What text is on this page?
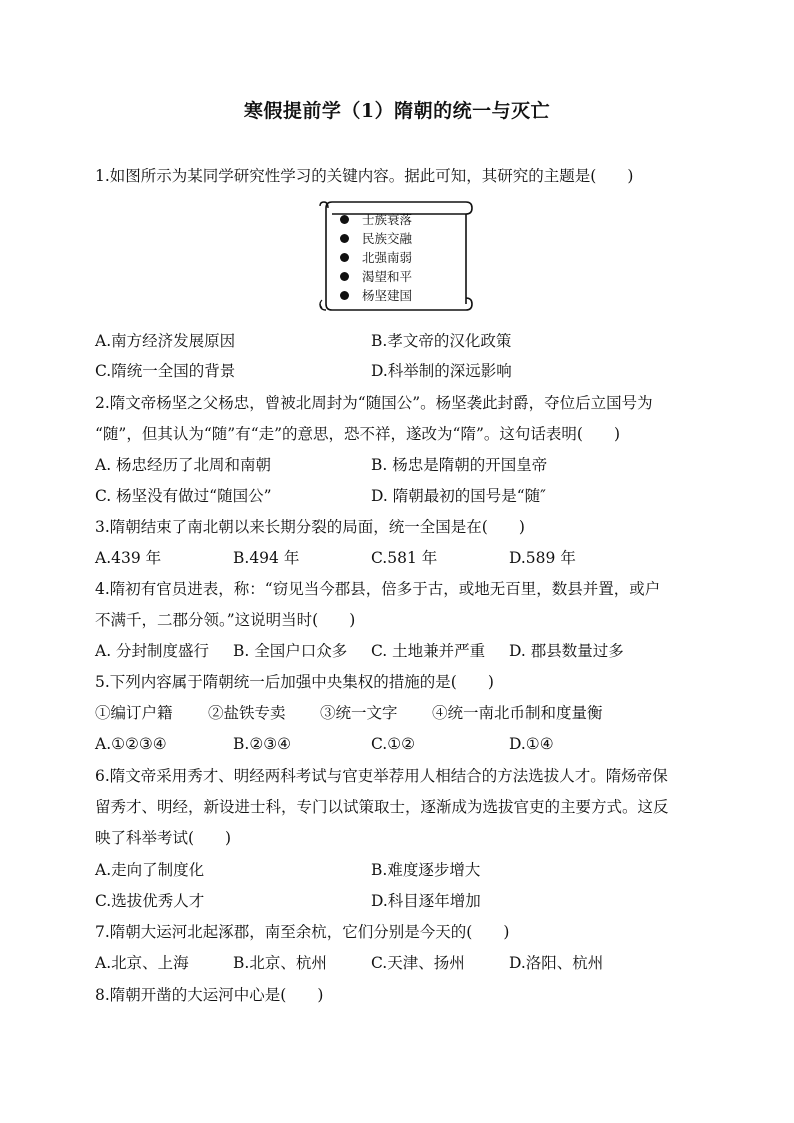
寒假提前学（1）隋朝的统一与灭亡
1.如图所示为某同学研究性学习的关键内容。据此可知，其研究的主题是(　　)
士族衰落
民族交融
北强南弱
渴望和平
杨坚建国
A.南方经济发展原因	B.孝文帝的汉化政策
C.隋统一全国的背景	D.科举制的深远影响
2.隋文帝杨坚之父杨忠，曾被北周封为“随国公”。杨坚袭此封爵，夺位后立国号为
“随”，但其认为“随”有“走”的意思，恐不祥，遂改为“隋”。这句话表明(　　)
A. 杨忠经历了北周和南朝	B. 杨忠是隋朝的开国皇帝
C. 杨坚没有做过“随国公”	D. 隋朝最初的国号是“随″
3.隋朝结束了南北朝以来长期分裂的局面，统一全国是在(　　)
A.439 年	B.494 年	C.581 年	D.589 年
4.隋初有官员进表，称：“窃见当今郡县，倍多于古，或地无百里，数县并置，或户
不满千，二郡分领。”这说明当时(　　)
A. 分封制度盛行 B. 全国户口众多 C. 土地兼并严重 D. 郡县数量过多
5.下列内容属于隋朝统一后加强中央集权的措施的是(　　)
①编订户籍 ②盐铁专卖 ③统一文字 ④统一南北币制和度量衡
A.①②③④	B.②③④	C.①②	D.①④
6.隋文帝采用秀才、明经两科考试与官吏举荐用人相结合的方法选拔人才。隋炀帝保
留秀才、明经，新设进士科，专门以试策取士，逐渐成为选拔官吏的主要方式。这反
映了科举考试(　　)
A.走向了制度化	B.难度逐步增大
C.选拔优秀人才	D.科目逐年增加
7.隋朝大运河北起涿郡，南至余杭，它们分别是今天的(　　)
A.北京、上海	B.北京、杭州	C.天津、扬州	D.洛阳、杭州
8.隋朝开凿的大运河中心是(　　)
